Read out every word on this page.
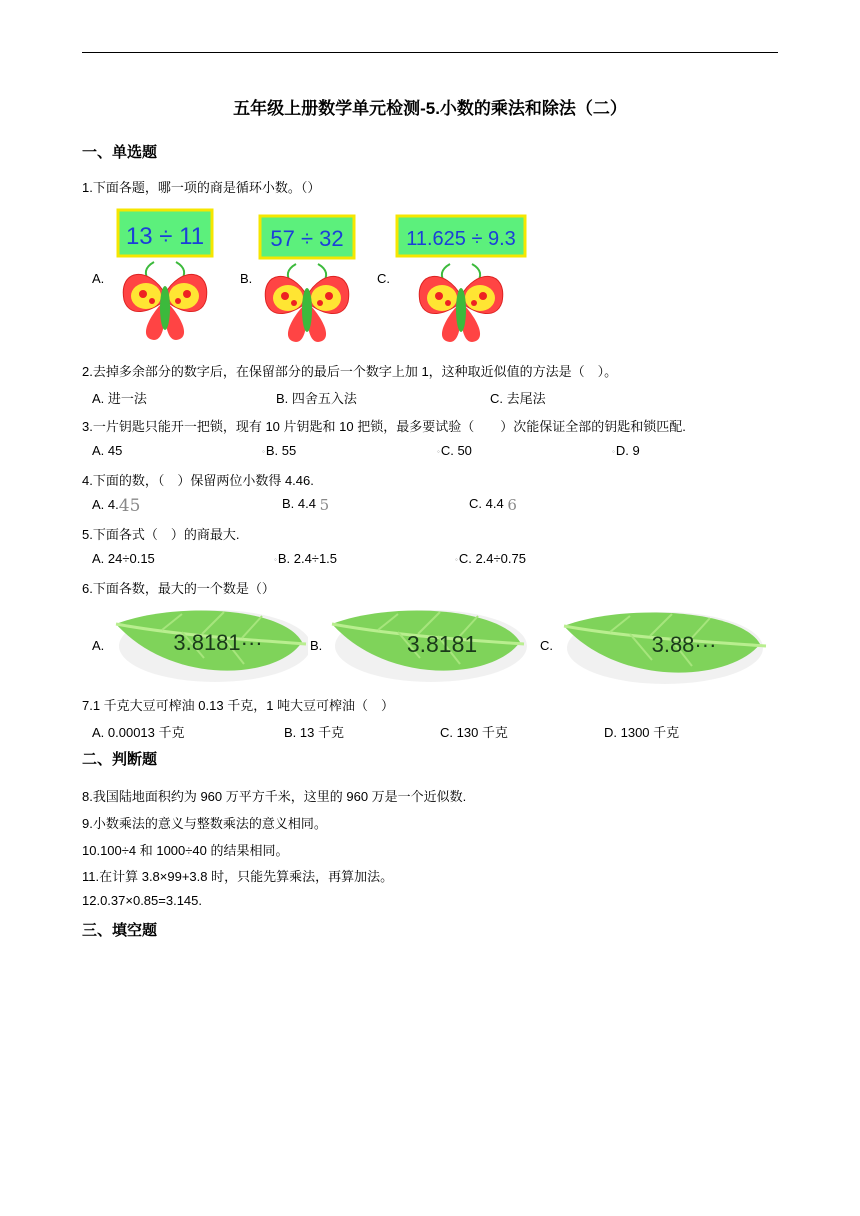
五年级上册数学单元检测-5.小数的乘法和除法（二）
一、单选题
1.下面各题，哪一项的商是循环小数。（）
A.	B.	C.
13 ÷ 11	57 ÷ 32	11.625 ÷ 9.3
2.去掉多余部分的数字后，在保留部分的最后一个数字上加 1，这种取近似值的方法是（　）。
A. 进一法	B. 四舍五入法	C. 去尾法
3.一片钥匙只能开一把锁，现有 10 片钥匙和 10 把锁，最多要试验（　　）次能保证全部的钥匙和锁匹配.
A. 45	◦B. 55	◦C. 50	◦D. 9
4.下面的数，（　）保留两位小数得 4.46.
A. 4.45	B. 4.4 5	C. 4.4 6
5.下面各式（　）的商最大.
A. 24÷0.15	◦B. 2.4÷1.5	◦C. 2.4÷0.75
6.下面各数，最大的一个数是（）
A.	B.	C.
3.8181···	3.8181	3.88···
7.1 千克大豆可榨油 0.13 千克，1 吨大豆可榨油（　）
A. 0.00013 千克	B. 13 千克	C. 130 千克	D. 1300 千克
二、判断题
8.我国陆地面积约为 960 万平方千米，这里的 960 万是一个近似数.
9.小数乘法的意义与整数乘法的意义相同。
10.100÷4 和 1000÷40 的结果相同。
11.在计算 3.8×99+3.8 时，只能先算乘法，再算加法。
12.0.37×0.85=3.145.
三、填空题
